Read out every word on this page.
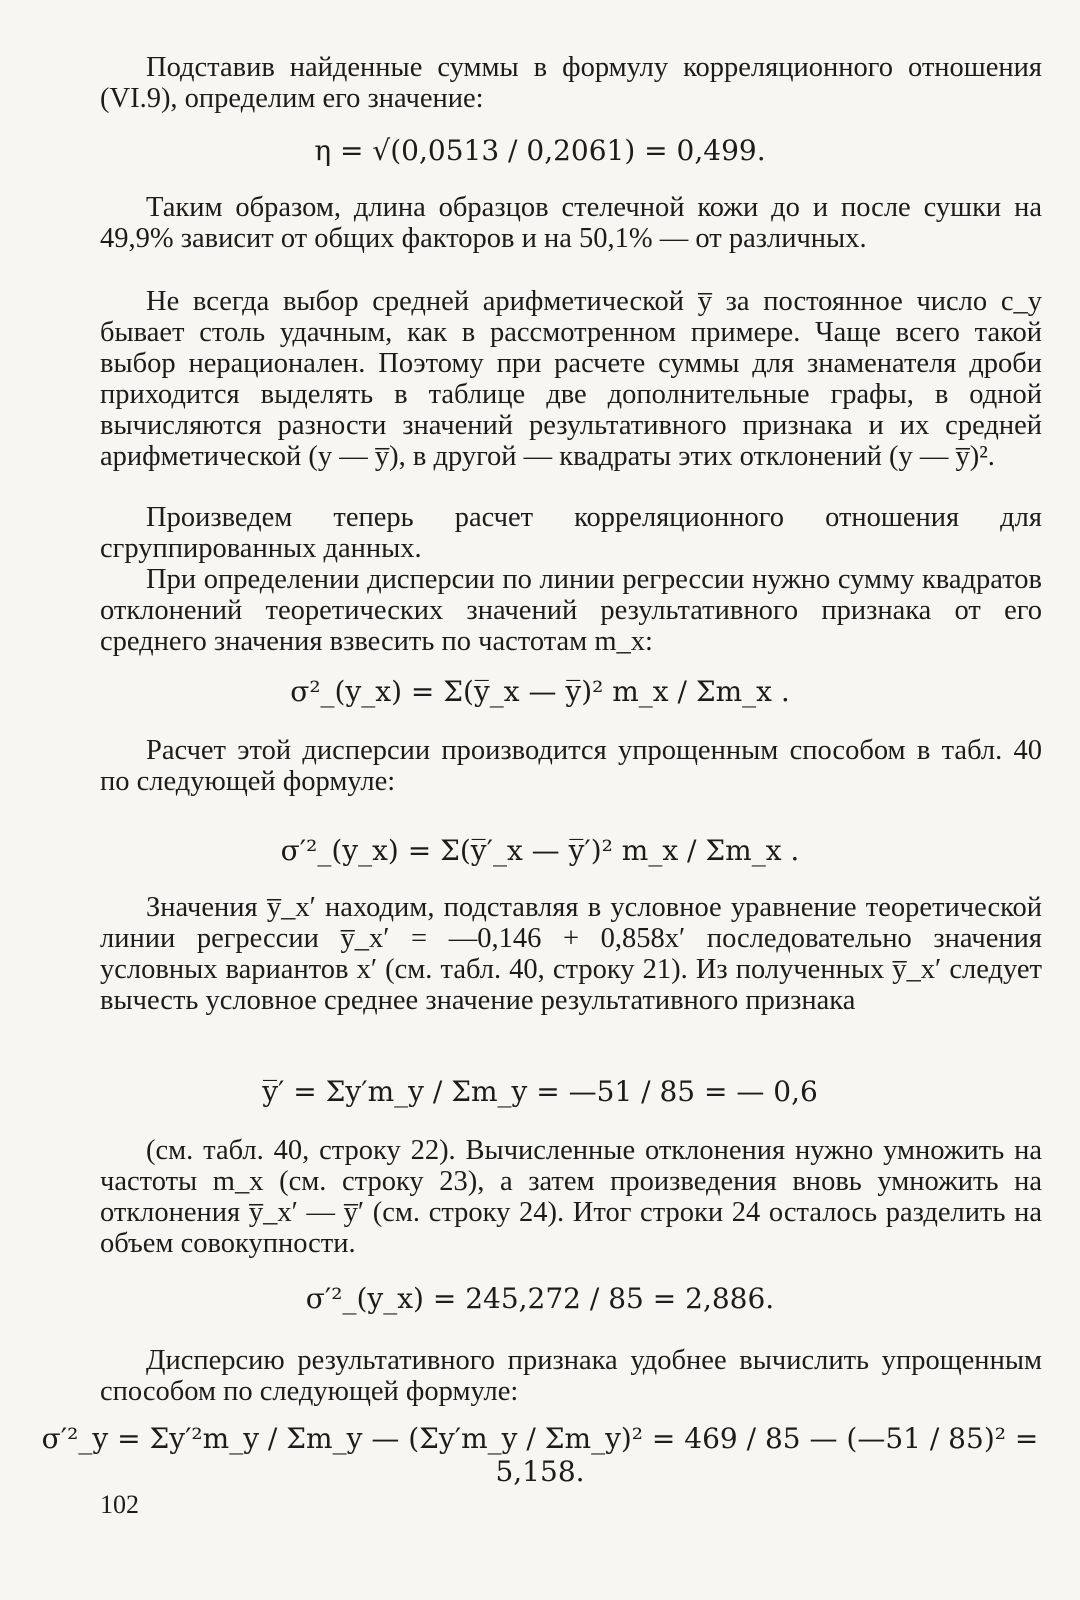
Подставив найденные суммы в формулу корреляционного отношения (VI.9), определим его значение:

η = √(0,0513 / 0,2061) = 0,499.

Таким образом, длина образцов стелечной кожи до и после сушки на 49,9% зависит от общих факторов и на 50,1% — от различных.

Не всегда выбор средней арифметической y̅ за постоянное число c_y бывает столь удачным, как в рассмотренном примере. Чаще всего такой выбор нерационален. Поэтому при расчете суммы для знаменателя дроби приходится выделять в таблице две дополнительные графы, в одной вычисляются разности значений результативного признака и их средней арифметической (y — y̅), в другой — квадраты этих отклонений (y — y̅)².

Произведем теперь расчет корреляционного отношения для сгруппированных данных.

При определении дисперсии по линии регрессии нужно сумму квадратов отклонений теоретических значений результативного признака от его среднего значения взвесить по частотам m_x:

σ²_(y_x) = Σ(y̅_x — y̅)² m_x / Σm_x .

Расчет этой дисперсии производится упрощенным способом в табл. 40 по следующей формуле:

σ′²_(y_x) = Σ(y̅′_x — y̅′)² m_x / Σm_x .

Значения y̅_x′ находим, подставляя в условное уравнение теоретической линии регрессии y̅_x′ = —0,146 + 0,858x′ последовательно значения условных вариантов x′ (см. табл. 40, строку 21). Из полученных y̅_x′ следует вычесть условное среднее значение результативного признака

y̅′ = Σy′m_y / Σm_y = —51 / 85 = — 0,6

(см. табл. 40, строку 22). Вычисленные отклонения нужно умножить на частоты m_x (см. строку 23), а затем произведения вновь умножить на отклонения y̅_x′ — y̅′ (см. строку 24). Итог строки 24 осталось разделить на объем совокупности.

σ′²_(y_x) = 245,272 / 85 = 2,886.

Дисперсию результативного признака удобнее вычислить упрощенным способом по следующей формуле:

σ′²_y = Σy′²m_y / Σm_y — (Σy′m_y / Σm_y)² = 469 / 85 — (—51 / 85)² = 5,158.
102
